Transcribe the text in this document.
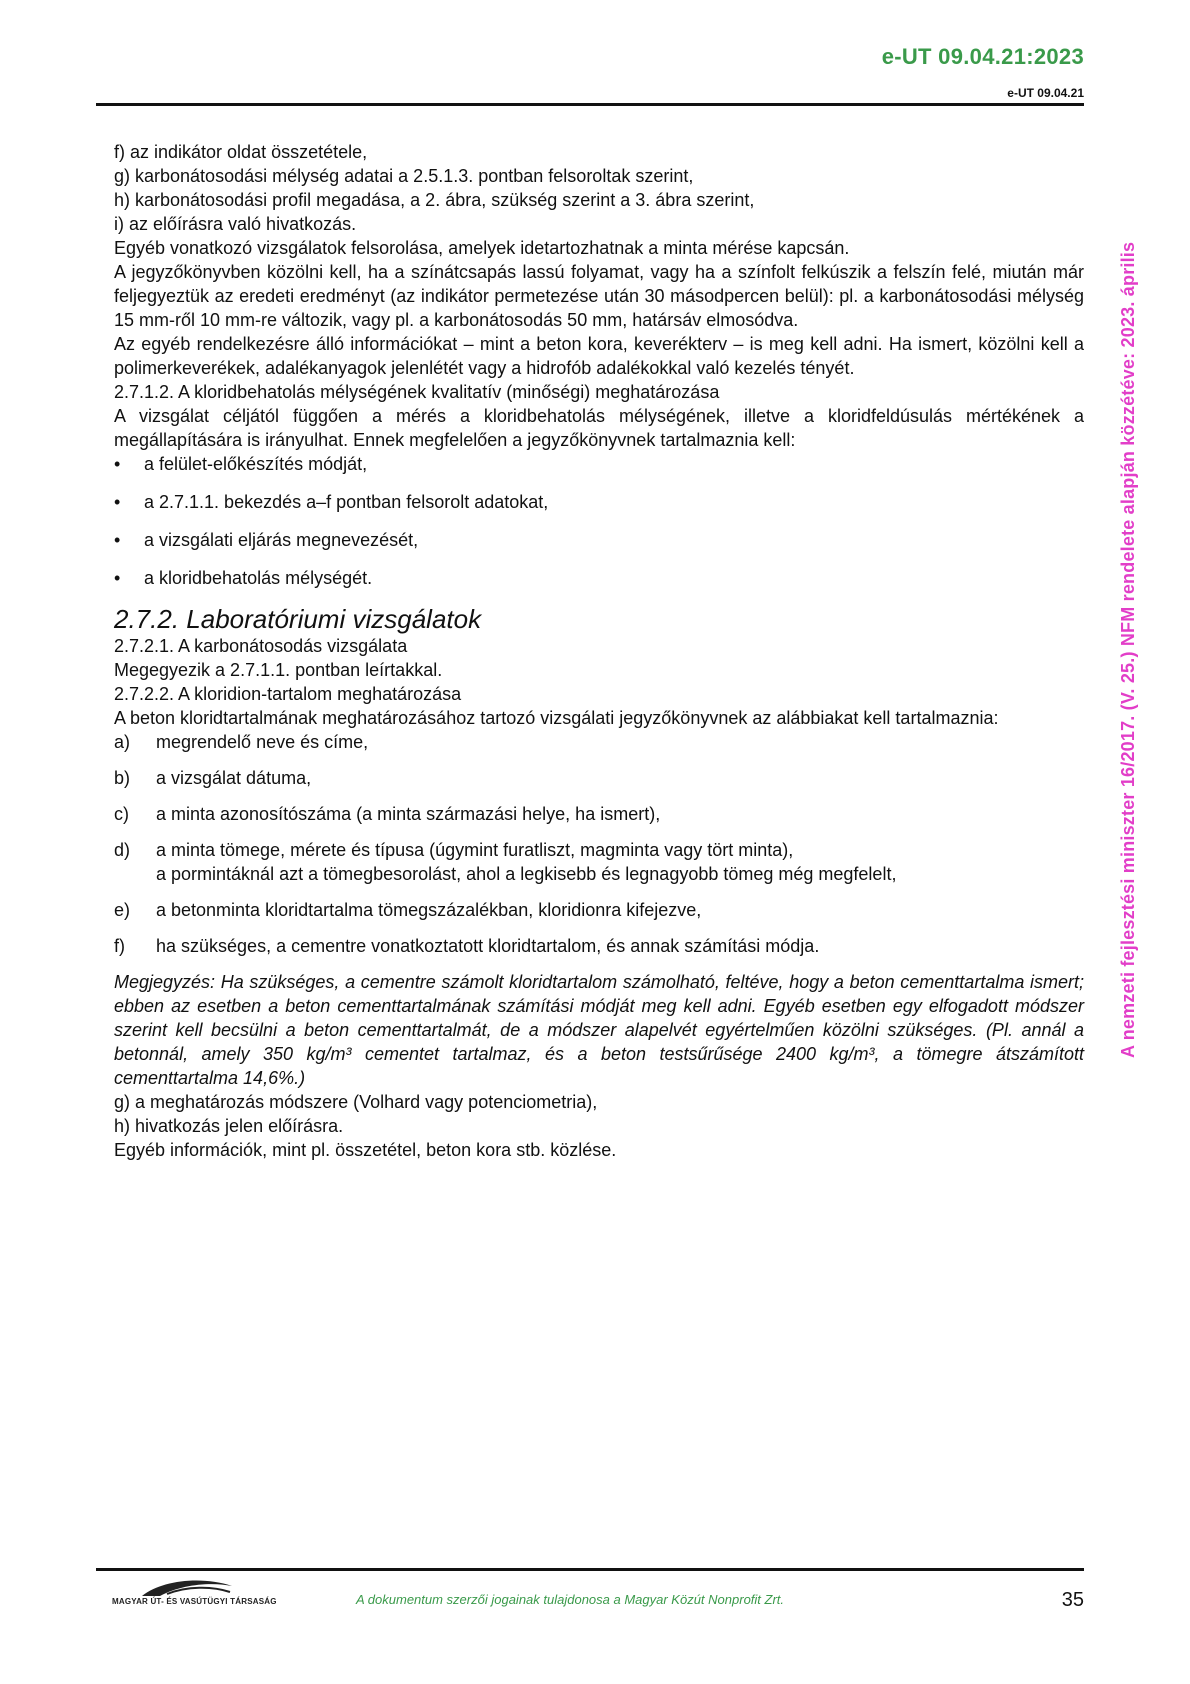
e-UT 09.04.21:2023
e-UT 09.04.21
A nemzeti fejlesztési miniszter 16/2017. (V. 25.) NFM rendelete alapján közzétéve: 2023. április

f) az indikátor oldat összetétele,

g) karbonátosodási mélység adatai a 2.5.1.3. pontban felsoroltak szerint,

h) karbonátosodási profil megadása, a 2. ábra, szükség szerint a 3. ábra szerint,

i) az előírásra való hivatkozás.

Egyéb vonatkozó vizsgálatok felsorolása, amelyek idetartozhatnak a minta mérése kapcsán.

A jegyzőkönyvben közölni kell, ha a színátcsapás lassú folyamat, vagy ha a színfolt felkúszik a felszín felé, miután már feljegyeztük az eredeti eredményt (az indikátor permetezése után 30 másodpercen belül): pl. a karbonátosodási mélység 15 mm-ről 10 mm-re változik, vagy pl. a karbonátosodás 50 mm, határsáv elmosódva.

Az egyéb rendelkezésre álló információkat – mint a beton kora, keverékterv – is meg kell adni. Ha ismert, közölni kell a polimerkeverékek, adalékanyagok jelenlétét vagy a hidrofób adalékokkal való kezelés tényét.

2.7.1.2. A kloridbehatolás mélységének kvalitatív (minőségi) meghatározása

A vizsgálat céljától függően a mérés a kloridbehatolás mélységének, illetve a kloridfeldúsulás mértékének a megállapítására is irányulhat. Ennek megfelelően a jegyzőkönyvnek tartalmaznia kell:

• a felület-előkészítés módját,
• a 2.7.1.1. bekezdés a–f pontban felsorolt adatokat,
• a vizsgálati eljárás megnevezését,
• a kloridbehatolás mélységét.

2.7.2. Laboratóriumi vizsgálatok

2.7.2.1. A karbonátosodás vizsgálata

Megegyezik a 2.7.1.1. pontban leírtakkal.

2.7.2.2. A kloridion-tartalom meghatározása

A beton kloridtartalmának meghatározásához tartozó vizsgálati jegyzőkönyvnek az alábbiakat kell tartalmaznia:

a) megrendelő neve és címe,
b) a vizsgálat dátuma,
c) a minta azonosítószáma (a minta származási helye, ha ismert),
d) a minta tömege, mérete és típusa (úgymint furatliszt, magminta vagy tört minta),
a pormintáknál azt a tömegbesorolást, ahol a legkisebb és legnagyobb tömeg még megfelelt,
e) a betonminta kloridtartalma tömegszázalékban, kloridionra kifejezve,
f) ha szükséges, a cementre vonatkoztatott kloridtartalom, és annak számítási módja.

Megjegyzés: Ha szükséges, a cementre számolt kloridtartalom számolható, feltéve, hogy a beton cementtartalma ismert; ebben az esetben a beton cementtartalmának számítási módját meg kell adni. Egyéb esetben egy elfogadott módszer szerint kell becsülni a beton cementtartalmát, de a módszer alapelvét egyértelműen közölni szükséges. (Pl. annál a betonnál, amely 350 kg/m³ cementet tartalmaz, és a beton testsűrűsége 2400 kg/m³, a tömegre átszámított cementtartalma 14,6%.)

g) a meghatározás módszere (Volhard vagy potenciometria),

h) hivatkozás jelen előírásra.

Egyéb információk, mint pl. összetétel, beton kora stb. közlése.

MAGYAR ÚT- ÉS VASÚTÜGYI TÁRSASÁG	A dokumentum szerzői jogainak tulajdonosa a Magyar Közút Nonprofit Zrt.	35
